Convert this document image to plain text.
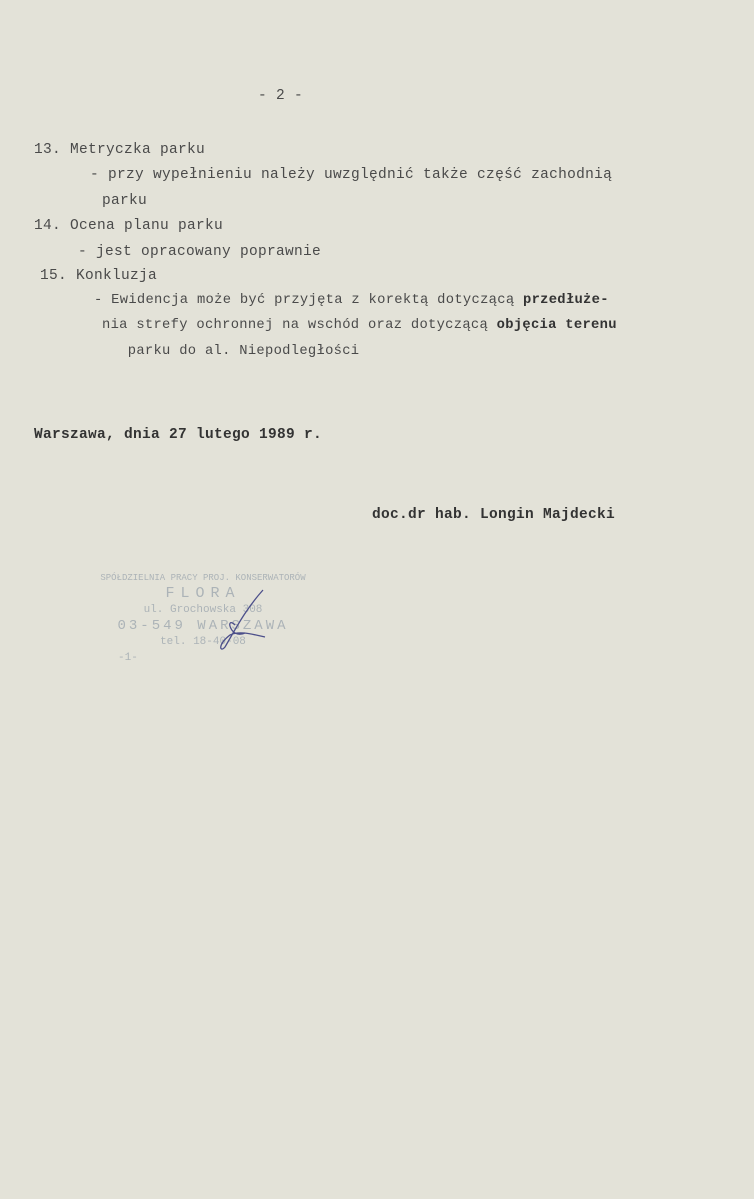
- 2 -
13. Metryczka parku
- przy wypełnieniu należy uwzględnić także część zachodnią
parku
14. Ocena planu parku
- jest opracowany poprawnie
15. Konkluzja
- Ewidencja może być przyjęta z korektą dotyczącą przedłuże-
nia strefy ochronnej na wschód oraz dotyczącą objęcia terenu
parku do al. Niepodległości
Warszawa, dnia 27 lutego 1989 r.
doc.dr hab. Longin Majdecki
SPÓŁDZIELNIA PRACY PROJ. KONSERWATORÓW
FLORA
ul. Grochowska 308
03-549 WARSZAWA
tel. 18-40-08
-1-
